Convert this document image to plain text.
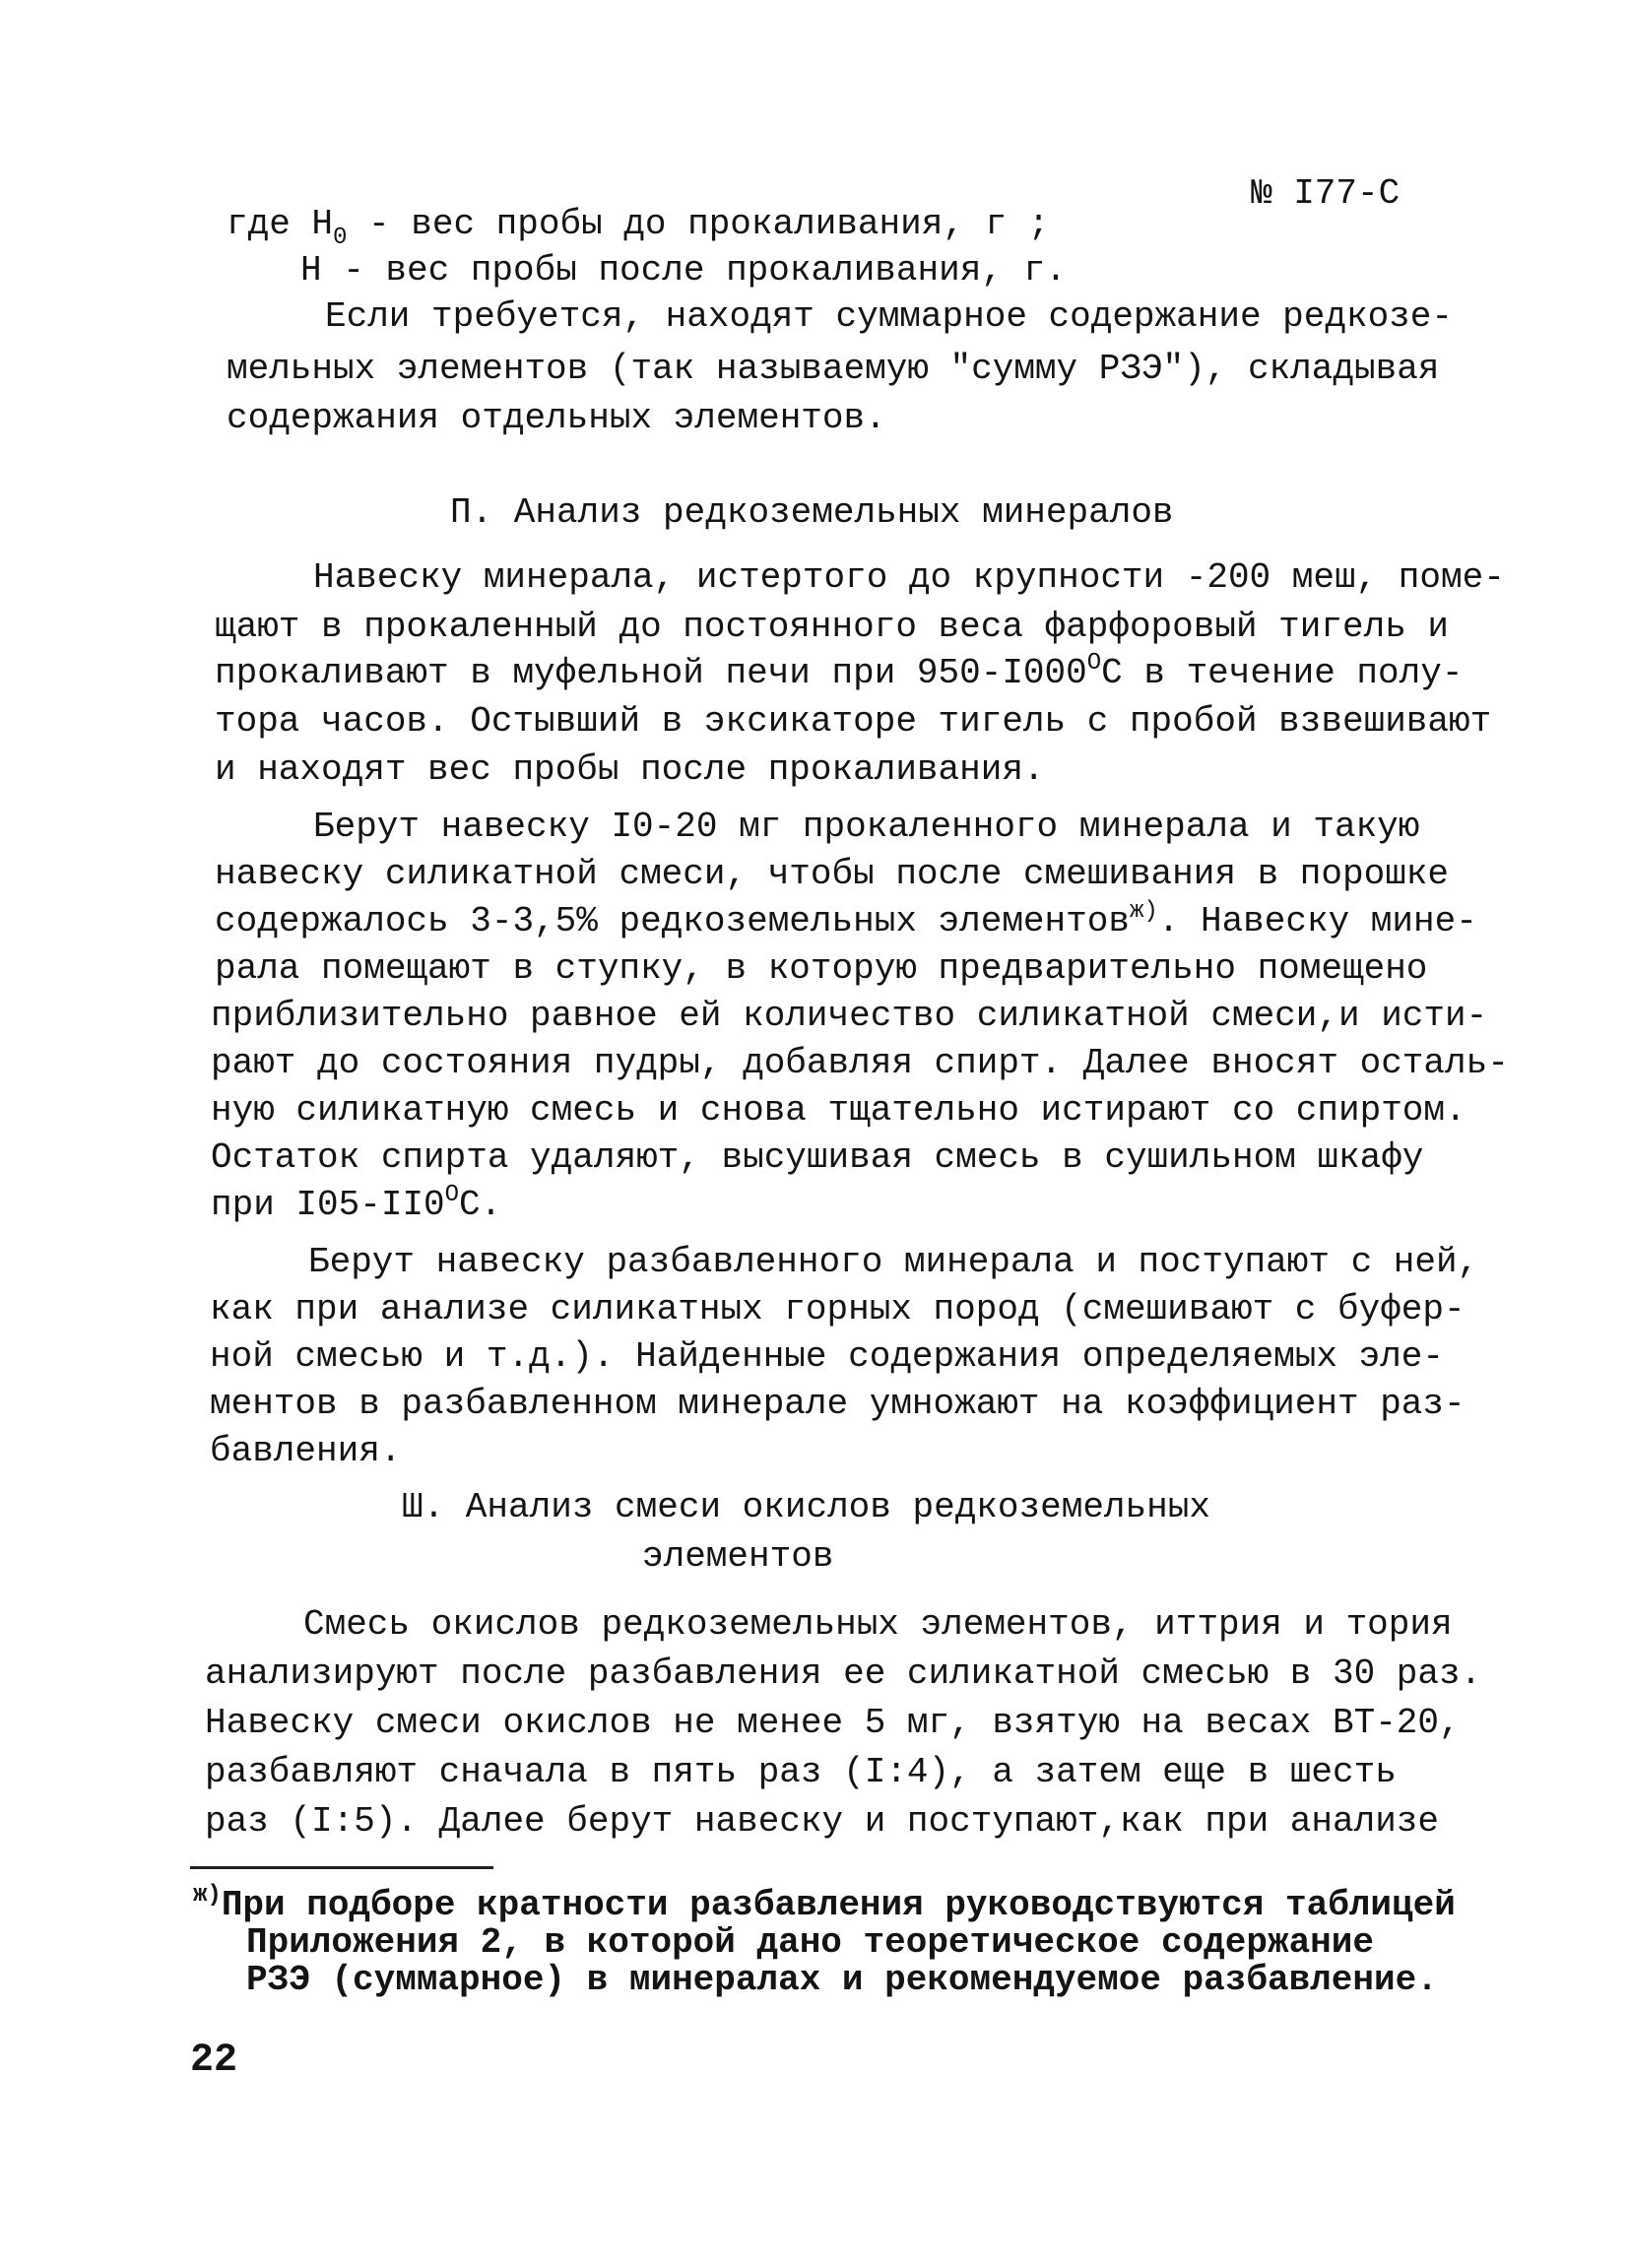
№ I77-С
где $Н_0$ - вес пробы до прокаливания, г ;
Н - вес пробы после прокаливания, г.
Если требуется, находят суммарное содержание редкозе-
мельных элементов (так называемую "сумму РЗЭ"), складывая
содержания отдельных элементов.
П. Анализ редкоземельных минералов
Навеску минерала, истертого до крупности -200 меш, поме-
щают в прокаленный до постоянного веса фарфоровый тигель и
прокаливают в муфельной печи при $950-I000^ОС$ в течение полу-
тора часов. Остывший в эксикаторе тигель с пробой взвешивают
и находят вес пробы после прокаливания.
Берут навеску I0-20 мг прокаленного минерала и такую
навеску силикатной смеси, чтобы после смешивания в порошке
содержалось 3-3,5% редкоземельных элементов$^{ж)}$. Навеску мине-
рала помещают в ступку, в которую предварительно помещено
приблизительно равное ей количество силикатной смеси,и исти-
рают до состояния пудры, добавляя спирт. Далее вносят осталь-
ную силикатную смесь и снова тщательно истирают со спиртом.
Остаток спирта удаляют, высушивая смесь в сушильном шкафу
при $I05-II0^ОС$.
Берут навеску разбавленного минерала и поступают с ней,
как при анализе силикатных горных пород (смешивают с буфер-
ной смесью и т.д.). Найденные содержания определяемых эле-
ментов в разбавленном минерале умножают на коэффициент раз-
бавления.
Ш. Анализ смеси окислов редкоземельных
элементов
Смесь окислов редкоземельных элементов, иттрия и тория
анализируют после разбавления ее силикатной смесью в 30 раз.
Навеску смеси окислов не менее 5 мг, взятую на весах ВТ-20,
разбавляют сначала в пять раз (I:4), а затем еще в шесть
раз (I:5). Далее берут навеску и поступают,как при анализе
$^{ж)}$При подборе кратности разбавления руководствуются таблицей
Приложения 2, в которой дано теоретическое содержание
РЗЭ (суммарное) в минералах и рекомендуемое разбавление.
22
